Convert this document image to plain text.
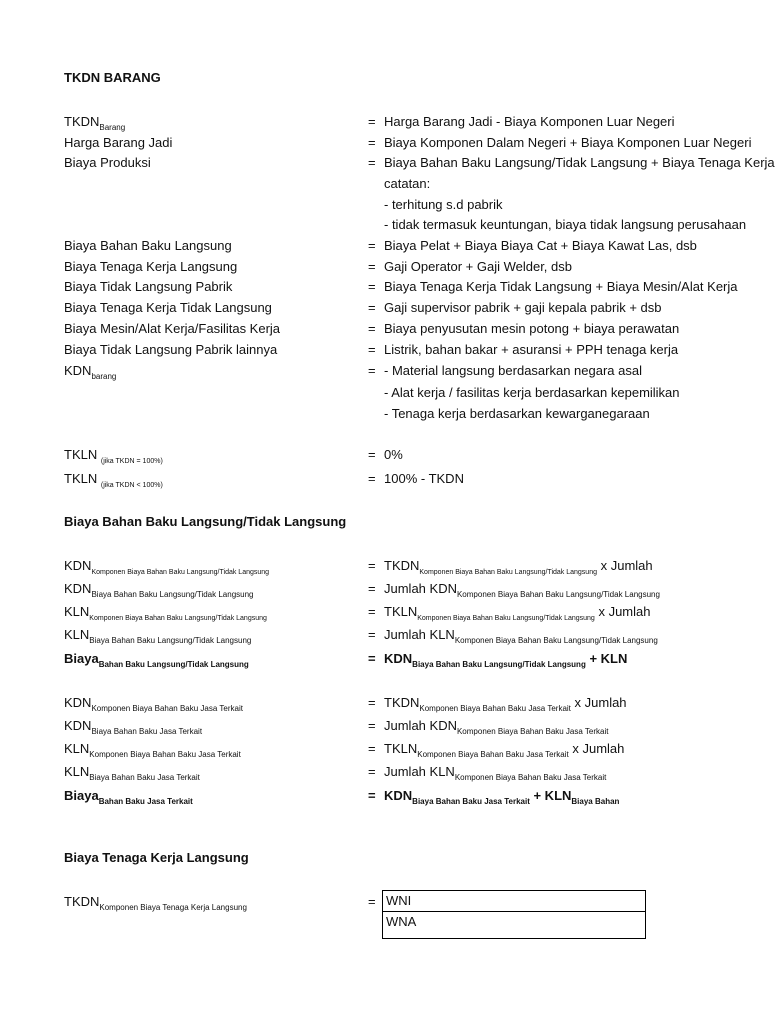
TKDN BARANG
$TKDN_{Barang}$	= Harga Barang Jadi - Biaya Komponen Luar Negeri
Harga Barang Jadi	= Biaya Komponen Dalam Negeri + Biaya Komponen Luar Negeri
Biaya Produksi	= Biaya Bahan Baku Langsung/Tidak Langsung + Biaya Tenaga Kerja
catatan:
- terhitung s.d pabrik
- tidak termasuk keuntungan, biaya tidak langsung perusahaan
Biaya Bahan Baku Langsung	= Biaya Pelat + Biaya Biaya Cat + Biaya Kawat Las, dsb
Biaya Tenaga Kerja Langsung	= Gaji Operator + Gaji Welder, dsb
Biaya Tidak Langsung Pabrik	= Biaya Tenaga Kerja Tidak Langsung + Biaya Mesin/Alat Kerja
Biaya Tenaga Kerja Tidak Langsung	= Gaji supervisor pabrik + gaji kepala pabrik + dsb
Biaya Mesin/Alat Kerja/Fasilitas Kerja	= Biaya penyusutan mesin potong + biaya perawatan
Biaya Tidak Langsung Pabrik lainnya	= Listrik, bahan bakar + asuransi + PPH tenaga kerja
$KDN_{barang}$	= - Material langsung berdasarkan negara asal
- Alat kerja / fasilitas kerja berdasarkan kepemilikan
- Tenaga kerja berdasarkan kewarganegaraan
TKLN $_{(jika TKDN = 100\%)}$	= 0%
TKLN $_{(jika TKDN < 100\%)}$	= 100% - TKDN
Biaya Bahan Baku Langsung/Tidak Langsung
$KDN_{Komponen Biaya Bahan Baku Langsung/Tidak Langsung}$	= $TKDN_{Komponen Biaya Bahan Baku Langsung/Tidak Langsung}$ x Jumlah
$KDN_{Biaya Bahan Baku Langsung/Tidak Langsung}$	= Jumlah $KDN_{Komponen Biaya Bahan Baku Langsung/Tidak Langsung}$
$KLN_{Komponen Biaya Bahan Baku Langsung/Tidak Langsung}$	= $TKLN_{Komponen Biaya Bahan Baku Langsung/Tidak Langsung}$ x Jumlah
$KLN_{Biaya Bahan Baku Langsung/Tidak Langsung}$	= Jumlah $KLN_{Komponen Biaya Bahan Baku Langsung/Tidak Langsung}$
Biaya$_{Bahan Baku Langsung/Tidak Langsung}$	= $KDN_{Biaya Bahan Baku Langsung/Tidak Langsung}$ + KLN
$KDN_{Komponen Biaya Bahan Baku Jasa Terkait}$	= $TKDN_{Komponen Biaya Bahan Baku Jasa Terkait}$ x Jumlah
$KDN_{Biaya Bahan Baku Jasa Terkait}$	= Jumlah $KDN_{Komponen Biaya Bahan Baku Jasa Terkait}$
$KLN_{Komponen Biaya Bahan Baku Jasa Terkait}$	= $TKLN_{Komponen Biaya Bahan Baku Jasa Terkait}$ x Jumlah
$KLN_{Biaya Bahan Baku Jasa Terkait}$	= Jumlah $KLN_{Komponen Biaya Bahan Baku Jasa Terkait}$
Biaya$_{Bahan Baku Jasa Terkait}$	= $KDN_{Biaya Bahan Baku Jasa Terkait} + KLN_{Biaya Bahan}$
Biaya Tenaga Kerja Langsung
$TKDN_{Komponen Biaya Tenaga Kerja Langsung}$	= WNI
WNA
